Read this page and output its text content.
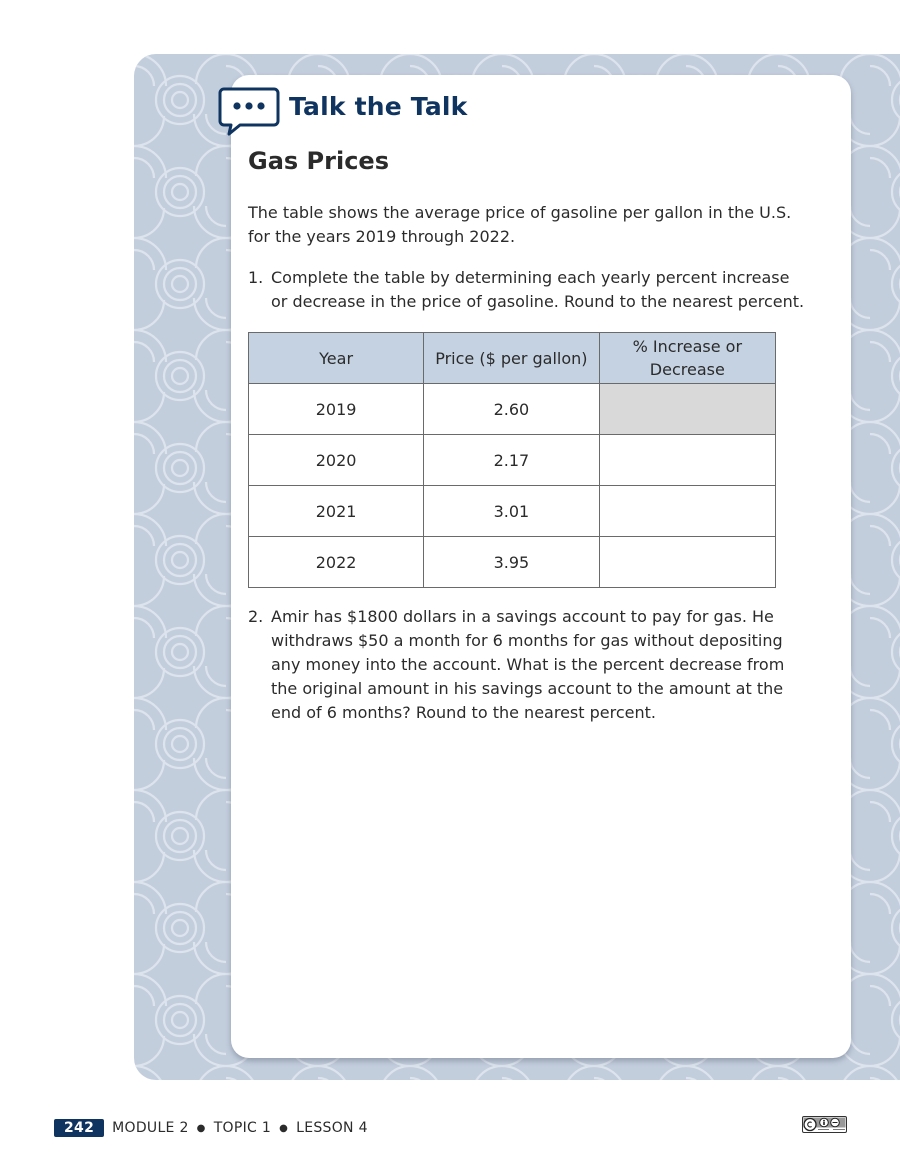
Talk the Talk
Gas Prices

The table shows the average price of gasoline per gallon in the U.S. for the years 2019 through 2022.

1. Complete the table by determining each yearly percent increase or decrease in the price of gasoline. Round to the nearest percent.
Year	Price ($ per gallon)	% Increase or Decrease
2019	2.60	
2020	2.17	
2021	3.01	
2022	3.95	
2. Amir has $1800 dollars in a savings account to pay for gas. He withdraws $50 a month for 6 months for gas without depositing any money into the account. What is the percent decrease from the original amount in his savings account to the amount at the end of 6 months? Round to the nearest percent.
242	MODULE 2 ● TOPIC 1 ● LESSON 4
